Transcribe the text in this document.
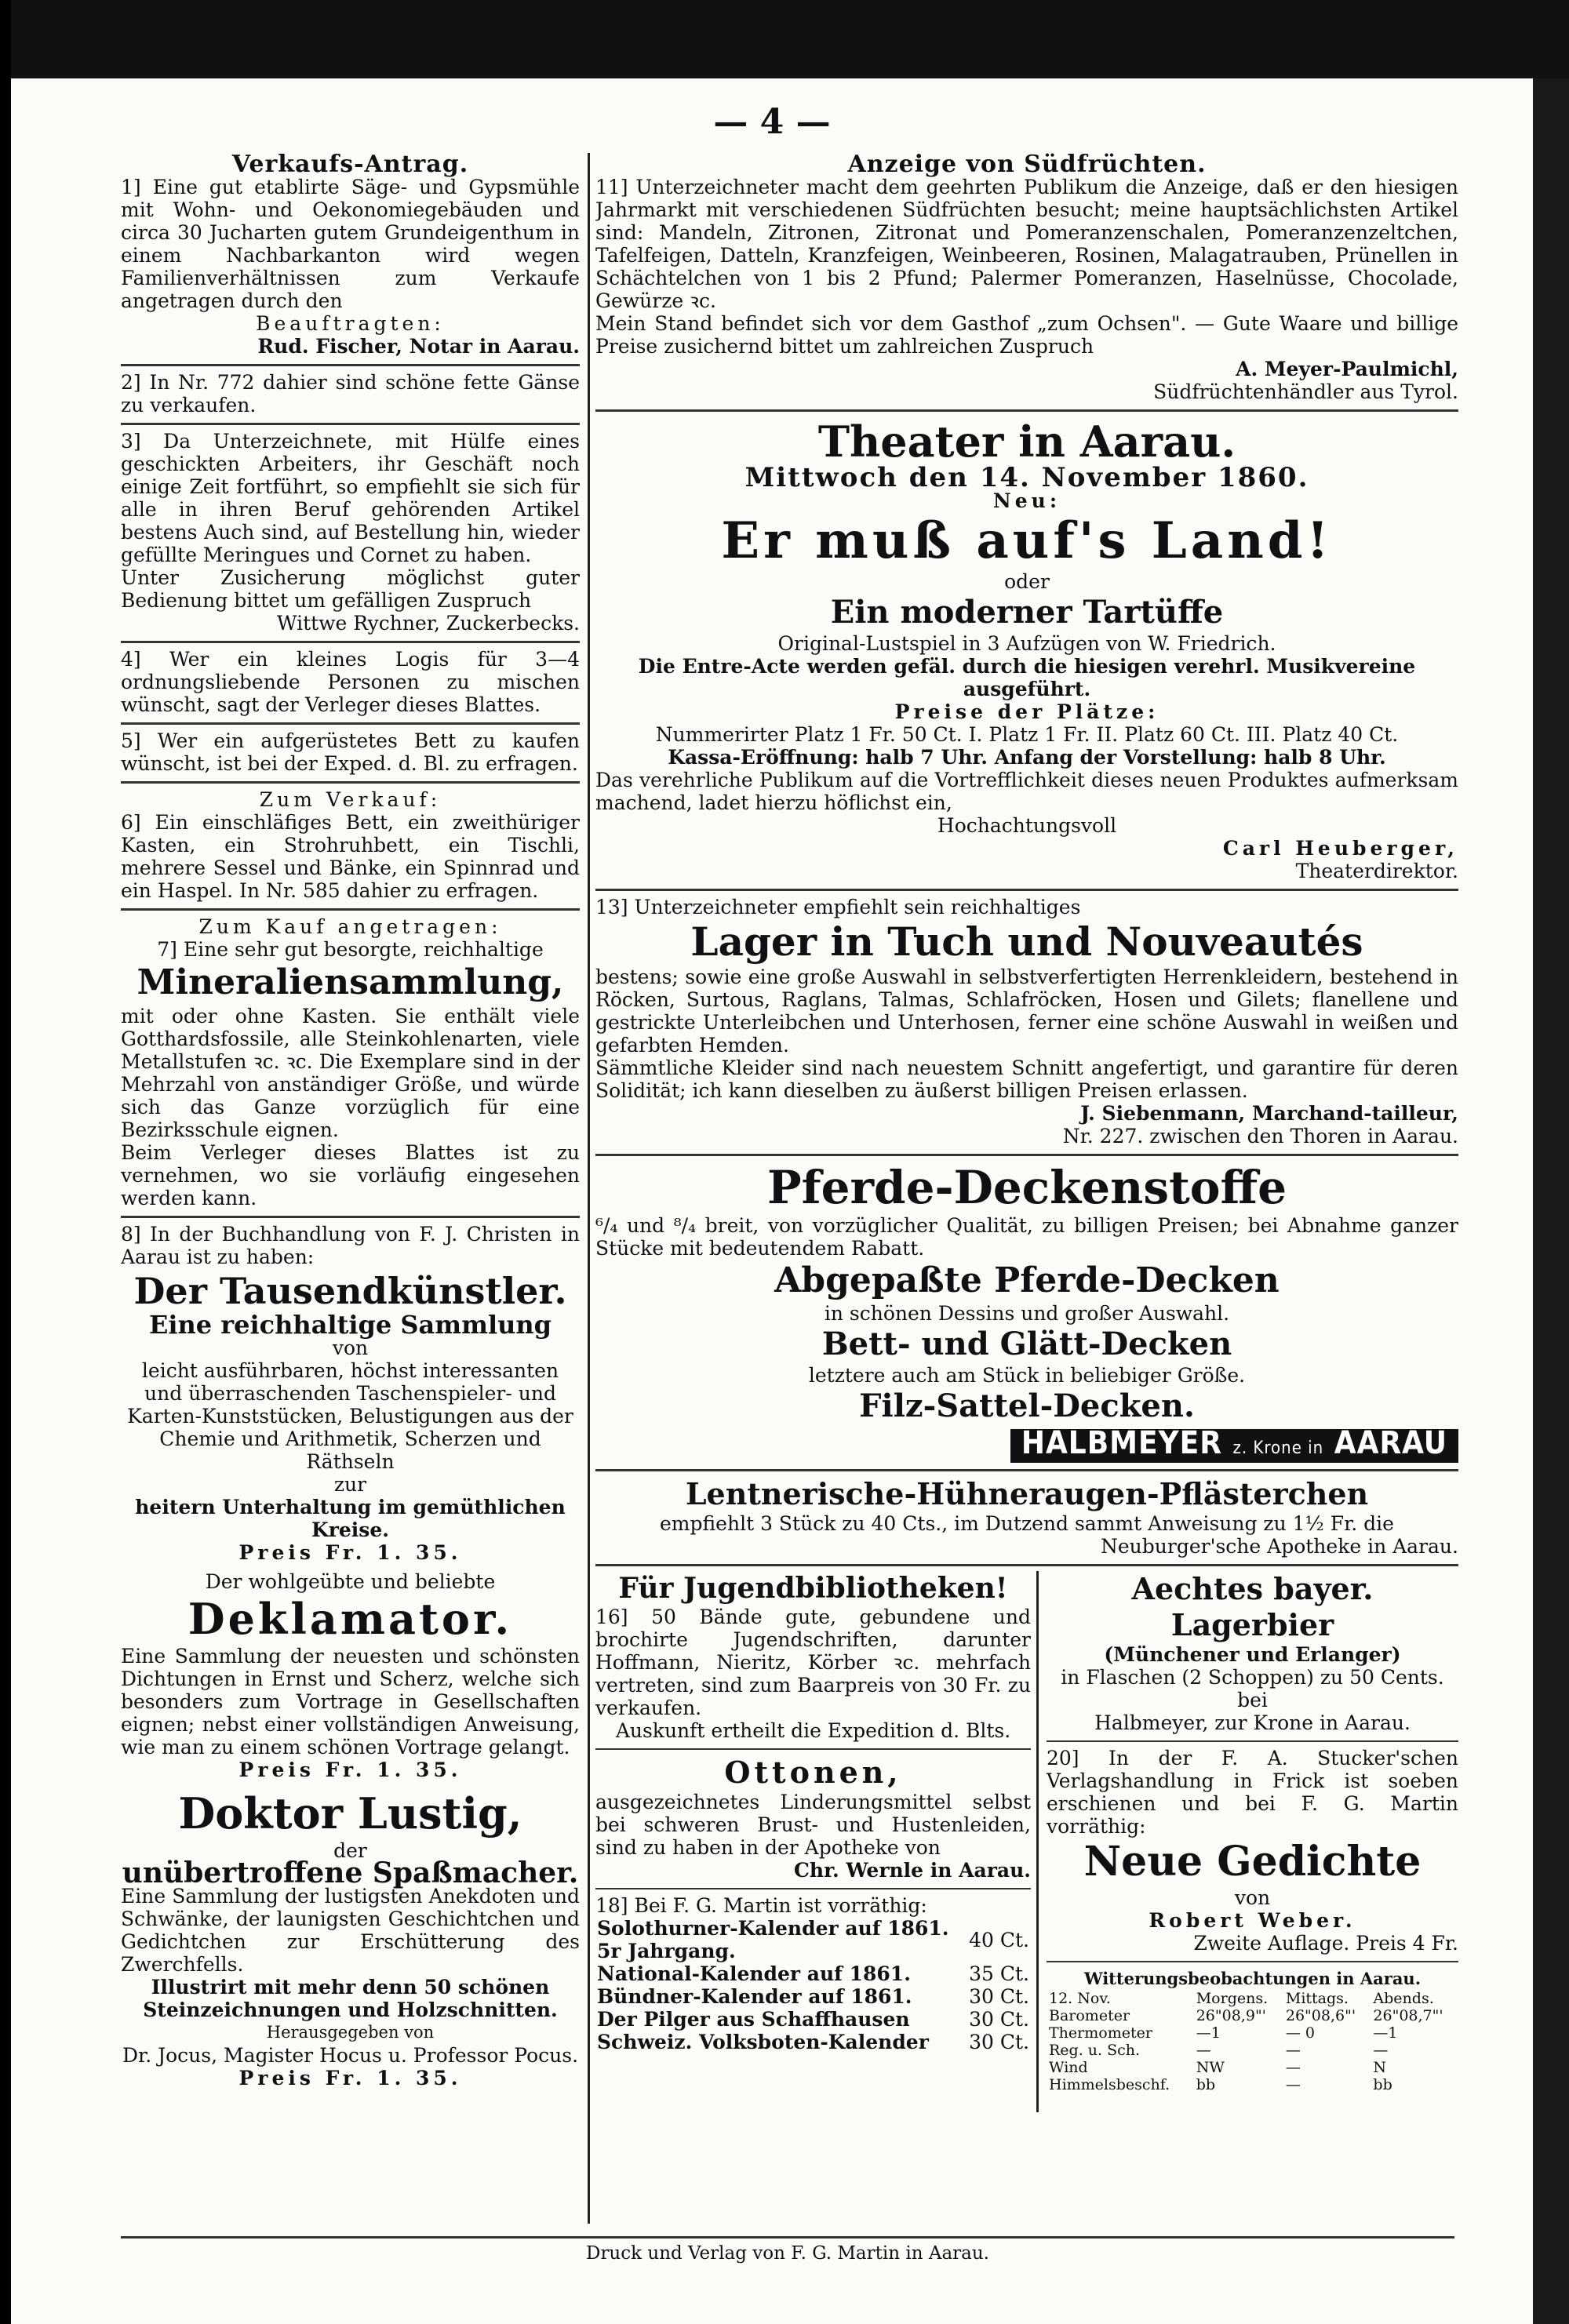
— 4 —
Verkaufs-Antrag.

1] Eine gut etablirte Säge- und Gypsmühle mit Wohn- und Oekonomiegebäuden und circa 30 Jucharten gutem Grundeigenthum in einem Nachbarkanton wird wegen Familienverhältnissen zum Verkaufe angetragen durch den

Beauftragten:
Rud. Fischer, Notar in Aarau.

2] In Nr. 772 dahier sind schöne fette Gänse zu verkaufen.

3] Da Unterzeichnete, mit Hülfe eines geschickten Arbeiters, ihr Geschäft noch einige Zeit fortführt, so empfiehlt sie sich für alle in ihren Beruf gehörenden Artikel bestens Auch sind, auf Bestellung hin, wieder gefüllte Meringues und Cornet zu haben.

Unter Zusicherung möglichst guter Bedienung bittet um gefälligen Zuspruch

Wittwe Rychner, Zuckerbecks.

4] Wer ein kleines Logis für 3—4 ordnungsliebende Personen zu mischen wünscht, sagt der Verleger dieses Blattes.

5] Wer ein aufgerüstetes Bett zu kaufen wünscht, ist bei der Exped. d. Bl. zu erfragen.

Zum Verkauf:

6] Ein einschläfiges Bett, ein zweithüriger Kasten, ein Strohruhbett, ein Tischli, mehrere Sessel und Bänke, ein Spinnrad und ein Haspel. In Nr. 585 dahier zu erfragen.

Zum Kauf angetragen:
7] Eine sehr gut besorgte, reichhaltige
Mineraliensammlung,

mit oder ohne Kasten. Sie enthält viele Gotthardsfossile, alle Steinkohlenarten, viele Metallstufen ꝛc. ꝛc. Die Exemplare sind in der Mehrzahl von anständiger Größe, und würde sich das Ganze vorzüglich für eine Bezirksschule eignen.

Beim Verleger dieses Blattes ist zu vernehmen, wo sie vorläufig eingesehen werden kann.

8] In der Buchhandlung von F. J. Christen in Aarau ist zu haben:

Der Tausendkünstler.
Eine reichhaltige Sammlung
von

leicht ausführbaren, höchst interessanten und überraschenden Taschenspieler- und Karten-Kunststücken, Belustigungen aus der Chemie und Arithmetik, Scherzen und Räthseln

zur
heitern Unterhaltung im gemüthlichen Kreise.
Preis Fr. 1. 35.
Der wohlgeübte und beliebte
Deklamator.

Eine Sammlung der neuesten und schönsten Dichtungen in Ernst und Scherz, welche sich besonders zum Vortrage in Gesellschaften eignen; nebst einer vollständigen Anweisung, wie man zu einem schönen Vortrage gelangt.

Preis Fr. 1. 35.
Doktor Lustig,
der
unübertroffene Spaßmacher.

Eine Sammlung der lustigsten Anekdoten und Schwänke, der launigsten Geschichtchen und Gedichtchen zur Erschütterung des Zwerchfells.

Illustrirt mit mehr denn 50 schönen Steinzeichnungen und Holzschnitten.
Herausgegeben von
Dr. Jocus, Magister Hocus u. Professor Pocus.
Preis Fr. 1. 35.
Anzeige von Südfrüchten.

11] Unterzeichneter macht dem geehrten Publikum die Anzeige, daß er den hiesigen Jahrmarkt mit verschiedenen Südfrüchten besucht; meine hauptsächlichsten Artikel sind: Mandeln, Zitronen, Zitronat und Pomeranzenschalen, Pomeranzenzeltchen, Tafelfeigen, Datteln, Kranzfeigen, Weinbeeren, Rosinen, Malagatrauben, Prünellen in Schächtelchen von 1 bis 2 Pfund; Palermer Pomeranzen, Haselnüsse, Chocolade, Gewürze ꝛc.

Mein Stand befindet sich vor dem Gasthof „zum Ochsen". — Gute Waare und billige Preise zusichernd bittet um zahlreichen Zuspruch

A. Meyer-Paulmichl,
Südfrüchtenhändler aus Tyrol.
Theater in Aarau.
Mittwoch den 14. November 1860.
Neu:
Er muß auf's Land!
oder
Ein moderner Tartüffe
Original-Lustspiel in 3 Aufzügen von W. Friedrich.
Die Entre-Acte werden gefäl. durch die hiesigen verehrl. Musikvereine ausgeführt.
Preise der Plätze:
Nummerirter Platz 1 Fr. 50 Ct. I. Platz 1 Fr. II. Platz 60 Ct. III. Platz 40 Ct.
Kassa-Eröffnung: halb 7 Uhr. Anfang der Vorstellung: halb 8 Uhr.

Das verehrliche Publikum auf die Vortrefflichkeit dieses neuen Produktes aufmerksam machend, ladet hierzu höflichst ein,

Hochachtungsvoll
Carl Heuberger,
Theaterdirektor.
13] Unterzeichneter empfiehlt sein reichhaltiges
Lager in Tuch und Nouveautés

bestens; sowie eine große Auswahl in selbstverfertigten Herrenkleidern, bestehend in Röcken, Surtous, Raglans, Talmas, Schlafröcken, Hosen und Gilets; flanellene und gestrickte Unterleibchen und Unterhosen, ferner eine schöne Auswahl in weißen und gefarbten Hemden.

Sämmtliche Kleider sind nach neuestem Schnitt angefertigt, und garantire für deren Solidität; ich kann dieselben zu äußerst billigen Preisen erlassen.

J. Siebenmann, Marchand-tailleur,
Nr. 227. zwischen den Thoren in Aarau.
Pferde-Deckenstoffe

⁶/₄ und ⁸/₄ breit, von vorzüglicher Qualität, zu billigen Preisen; bei Abnahme ganzer Stücke mit bedeutendem Rabatt.

Abgepaßte Pferde-Decken
in schönen Dessins und großer Auswahl.
Bett- und Glätt-Decken
letztere auch am Stück in beliebiger Größe.
Filz-Sattel-Decken.
HALBMEYER z. Krone in AARAU
Lentnerische-Hühneraugen-Pflästerchen
empfiehlt 3 Stück zu 40 Cts., im Dutzend sammt Anweisung zu 1½ Fr. die
Neuburger'sche Apotheke in Aarau.
Für Jugendbibliotheken!

16] 50 Bände gute, gebundene und brochirte Jugendschriften, darunter Hoffmann, Nieritz, Körber ꝛc. mehrfach vertreten, sind zum Baarpreis von 30 Fr. zu verkaufen.

Auskunft ertheilt die Expedition d. Blts.
Ottonen,

ausgezeichnetes Linderungsmittel selbst bei schweren Brust- und Hustenleiden, sind zu haben in der Apotheke von

Chr. Wernle in Aarau.
18] Bei F. G. Martin ist vorräthig:
Solothurner-Kalender auf 1861. 5r Jahrgang.	40 Ct.
National-Kalender auf 1861.	35 Ct.
Bündner-Kalender auf 1861.	30 Ct.
Der Pilger aus Schaffhausen	30 Ct.
Schweiz. Volksboten-Kalender	30 Ct.
Aechtes bayer. Lagerbier
(Münchener und Erlanger)
in Flaschen (2 Schoppen) zu 50 Cents. bei
Halbmeyer, zur Krone in Aarau.

20] In der F. A. Stucker'schen Verlagshandlung in Frick ist soeben erschienen und bei F. G. Martin vorräthig:

Neue Gedichte
von
Robert Weber.
Zweite Auflage. Preis 4 Fr.
Witterungsbeobachtungen in Aarau.
12. Nov.	Morgens.	Mittags.	Abends.
Barometer	26"08,9"'	26"08,6"'	26"08,7"'
Thermometer	—1	— 0	—1
Reg. u. Sch.	—	—	—
Wind	NW	—	N
Himmelsbeschf.	bb	—	bb
Druck und Verlag von F. G. Martin in Aarau.
